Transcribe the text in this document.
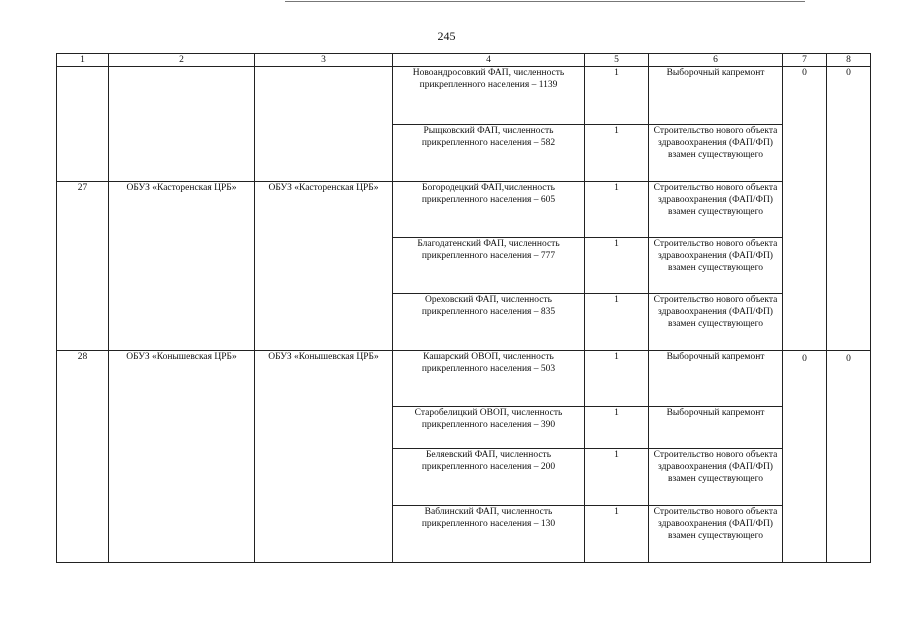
245
1	2	3	4	5	6	7	8
			Новоандросовкий ФАП, численность прикрепленного населения – 1139	1	Выборочный капремонт	0	0
			Рыщковский ФАП, численность прикрепленного населения – 582	1	Строительство нового объекта здравоохранения (ФАП/ФП) взамен существующего		
27	ОБУЗ «Касторенская ЦРБ»	ОБУЗ «Касторенская ЦРБ»	Богородецкий ФАП,численность прикрепленного населения – 605	1	Строительство нового объекта здравоохранения (ФАП/ФП) взамен существующего		
			Благодатенский ФАП, численность прикрепленного населения – 777	1	Строительство нового объекта здравоохранения (ФАП/ФП) взамен существующего		
			Ореховский ФАП, численность прикрепленного населения – 835	1	Строительство нового объекта здравоохранения (ФАП/ФП) взамен существующего		
28	ОБУЗ «Конышевская ЦРБ»	ОБУЗ «Конышевская ЦРБ»	Кашарский ОВОП, численность прикрепленного населения – 503	1	Выборочный капремонт	0	0
			Старобелицкий ОВОП, численность прикрепленного населения – 390	1	Выборочный капремонт		
			Беляевский ФАП, численность прикрепленного населения – 200	1	Строительство нового объекта здравоохранения (ФАП/ФП) взамен существующего		
			Ваблинский ФАП, численность прикрепленного населения – 130	1	Строительство нового объекта здравоохранения (ФАП/ФП) взамен существующего		
